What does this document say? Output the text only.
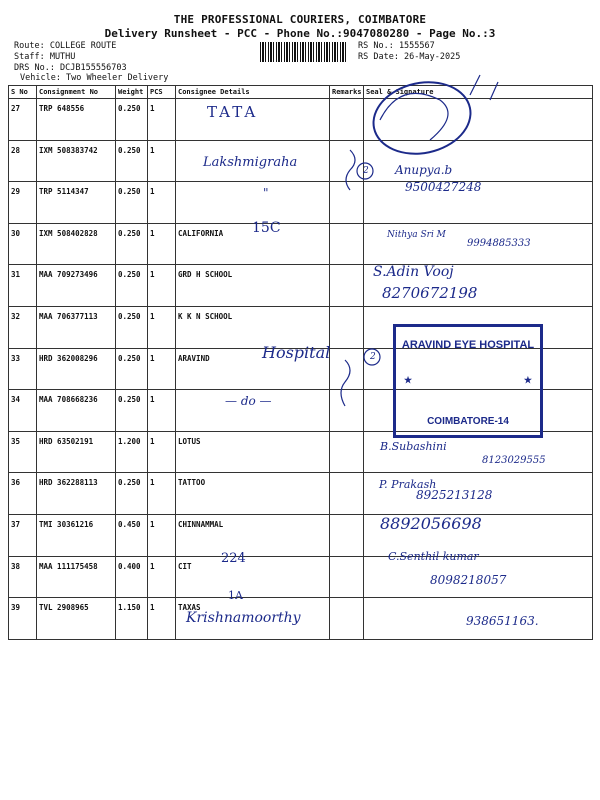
THE PROFESSIONAL COURIERS, COIMBATORE
Delivery Runsheet - PCC - Phone No.:9047080280 - Page No.:3
Route: COLLEGE ROUTE
Staff: MUTHU
DRS No.: DCJB155556703
Vehicle: Two Wheeler Delivery
RS No.: 1555567
RS Date: 26-May-2025
S No	Consignment No	Weight	PCS	Consignee Details	Remarks	Seal & Signature
27	TRP 648556	0.250	1			
28	IXM 508383742	0.250	1			
29	TRP 5114347	0.250	1			
30	IXM 508402828	0.250	1	CALIFORNIA		
31	MAA 709273496	0.250	1	GRD H SCHOOL		
32	MAA 706377113	0.250	1	K K N SCHOOL		
33	HRD 362008296	0.250	1	ARAVIND		
34	MAA 708668236	0.250	1			
35	HRD 63502191	1.200	1	LOTUS		
36	HRD 362288113	0.250	1	TATTOO		
37	TMI 30361216	0.450	1	CHINNAMMAL		
38	MAA 111175458	0.400	1	CIT		
39	TVL 2908965	1.150	1	TAXAS		
2
2
TATA
Lakshmigraha
"
Anupya.b
9500427248
15C	Nithya Sri M
9994885333
S.Adin Vooj
8270672198
Hospital
— do —
ARAVIND EYE HOSPITAL
★	★
COIMBATORE-14
B.Subashini
8123029555
P. Prakash
8925213128
8892056698
224	C.Senthil kumar
8098218057
1A
Krishnamoorthy	938651163.
